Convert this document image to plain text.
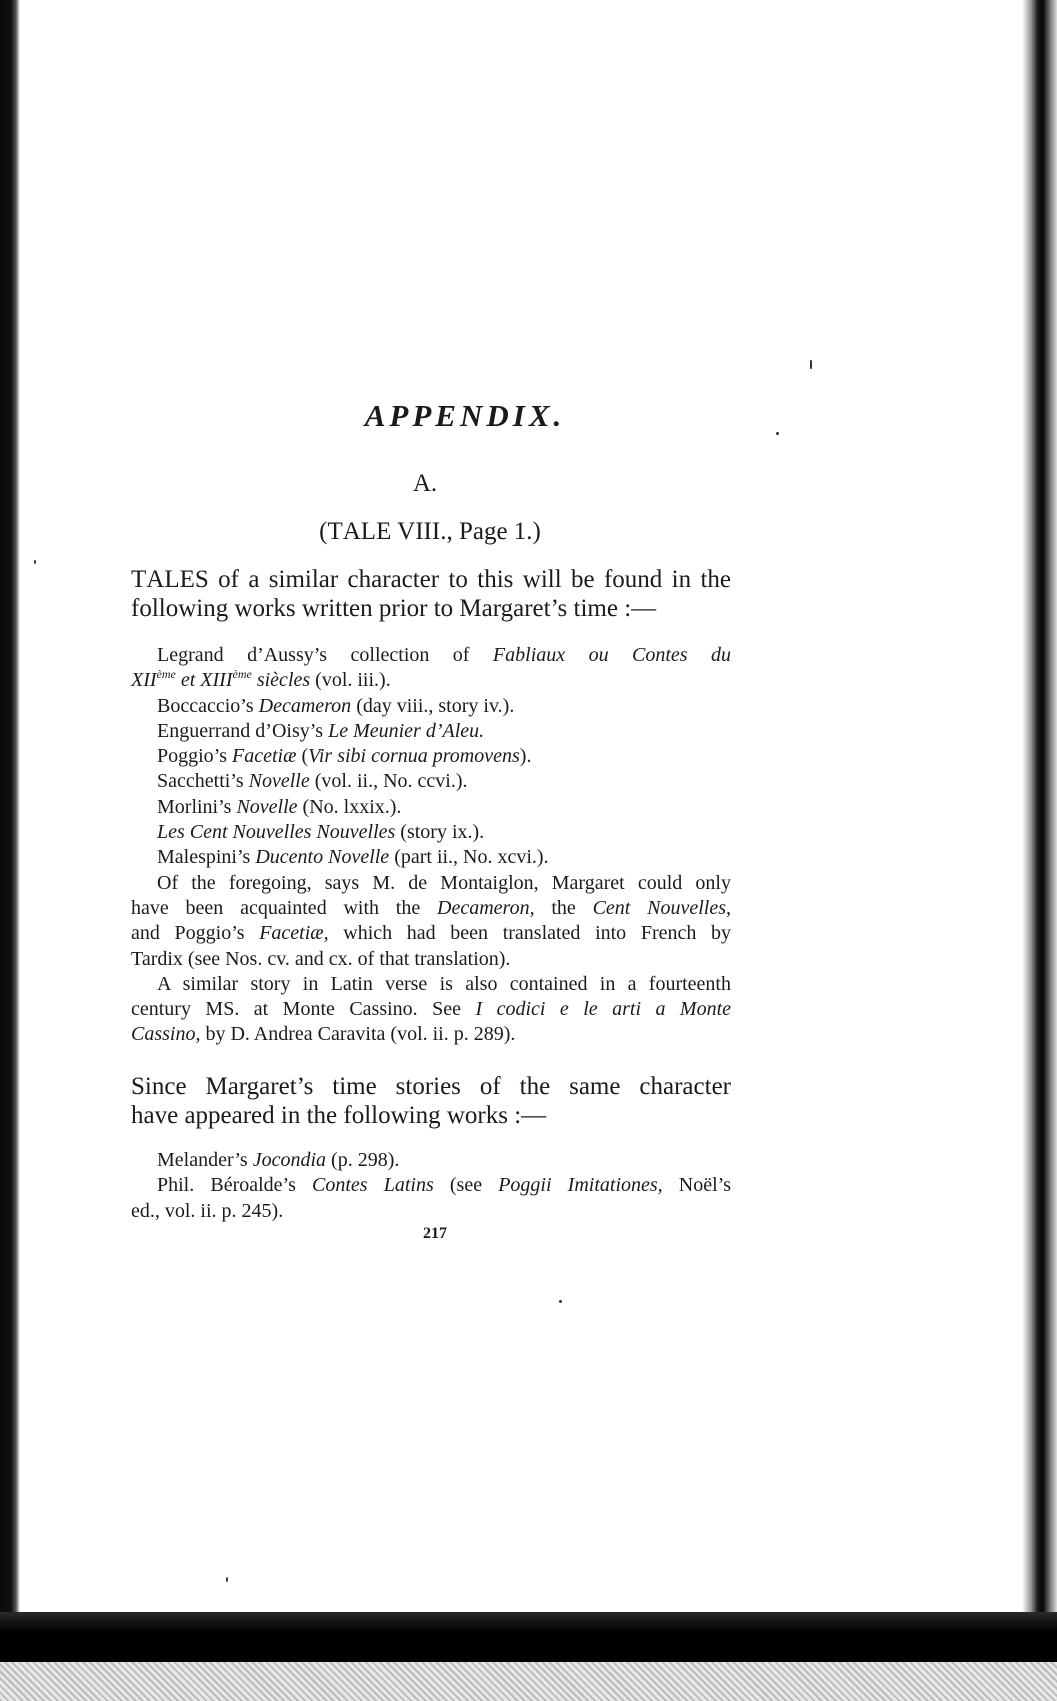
APPENDIX.
A.
(TALE VIII., Page 1.)
TALES of a similar character to this will be found in the
following works written prior to Margaret’s time :—
Legrand d’Aussy’s collection of Fabliaux ou Contes du
XIIème et XIIIème siècles (vol. iii.).
Boccaccio’s Decameron (day viii., story iv.).
Enguerrand d’Oisy’s Le Meunier d’Aleu.
Poggio’s Facetiæ (Vir sibi cornua promovens).
Sacchetti’s Novelle (vol. ii., No. ccvi.).
Morlini’s Novelle (No. lxxix.).
Les Cent Nouvelles Nouvelles (story ix.).
Malespini’s Ducento Novelle (part ii., No. xcvi.).
Of the foregoing, says M. de Montaiglon, Margaret could only
have been acquainted with the Decameron, the Cent Nouvelles,
and Poggio’s Facetiæ, which had been translated into French by
Tardix (see Nos. cv. and cx. of that translation).
A similar story in Latin verse is also contained in a fourteenth
century MS. at Monte Cassino. See I codici e le arti a Monte
Cassino, by D. Andrea Caravita (vol. ii. p. 289).
Since Margaret’s time stories of the same character
have appeared in the following works :—
Melander’s Jocondia (p. 298).
Phil. Béroalde’s Contes Latins (see Poggii Imitationes, Noël’s
ed., vol. ii. p. 245).
217
